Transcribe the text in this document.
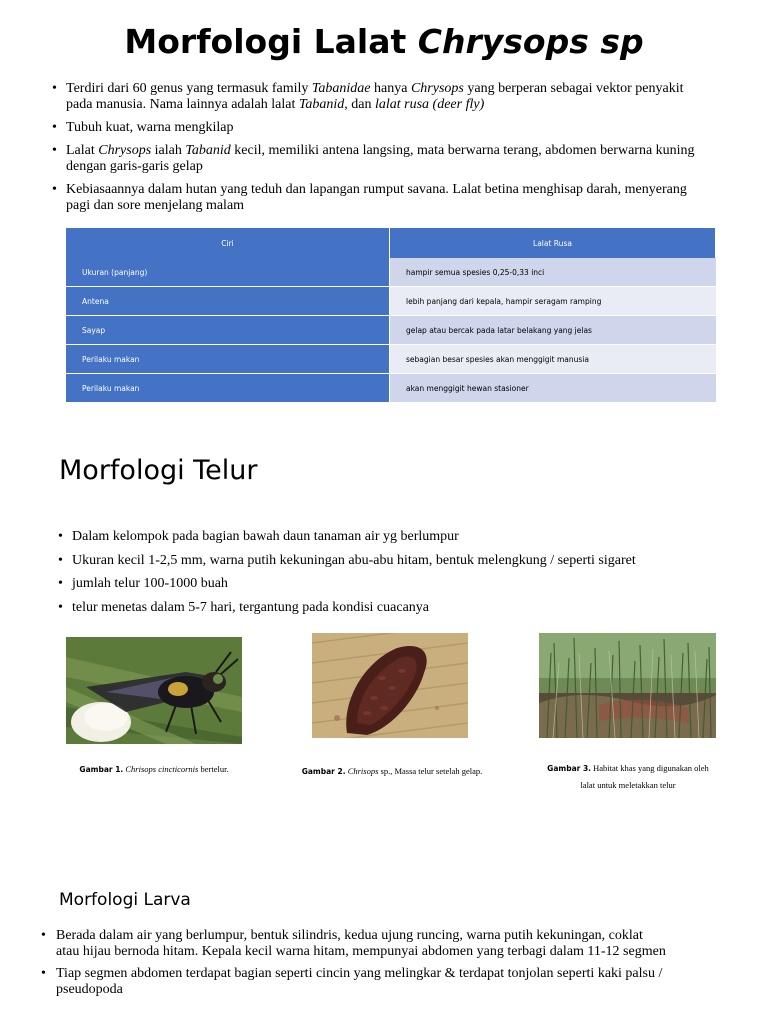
Morfologi Lalat Chrysops sp
• Terdiri dari 60 genus yang termasuk family Tabanidae hanya Chrysops yang berperan sebagai vektor penyakit pada manusia. Nama lainnya adalah lalat Tabanid, dan lalat rusa (deer fly)
• Tubuh kuat, warna mengkilap
• Lalat Chrysops ialah Tabanid kecil, memiliki antena langsing, mata berwarna terang, abdomen berwarna kuning dengan garis-garis gelap
• Kebiasaannya dalam hutan yang teduh dan lapangan rumput savana. Lalat betina menghisap darah, menyerang pagi dan sore menjelang malam
Ciri	Lalat Rusa
Ukuran (panjang)	hampir semua spesies 0,25-0,33 inci
Antena	lebih panjang dari kepala, hampir seragam ramping
Sayap	gelap atau bercak pada latar belakang yang jelas
Perilaku makan	sebagian besar spesies akan menggigit manusia
Perilaku makan	akan menggigit hewan stasioner
Morfologi Telur
• Dalam kelompok pada bagian bawah daun tanaman air yg berlumpur
• Ukuran kecil 1-2,5 mm, warna putih kekuningan abu-abu hitam, bentuk melengkung / seperti sigaret
• jumlah telur 100-1000 buah
• telur menetas dalam 5-7 hari, tergantung pada kondisi cuacanya
Gambar 1. Chrisops cincticornis bertelur.	Gambar 2. Chrisops sp., Massa telur setelah gelap.	Gambar 3. Habitat khas yang digunakan oleh lalat untuk meletakkan telur
Morfologi Larva
• Berada dalam air yang berlumpur, bentuk silindris, kedua ujung runcing, warna putih kekuningan, coklat atau hijau bernoda hitam. Kepala kecil warna hitam, mempunyai abdomen yang terbagi dalam 11-12 segmen
• Tiap segmen abdomen terdapat bagian seperti cincin yang melingkar & terdapat tonjolan seperti kaki palsu / pseudopoda
